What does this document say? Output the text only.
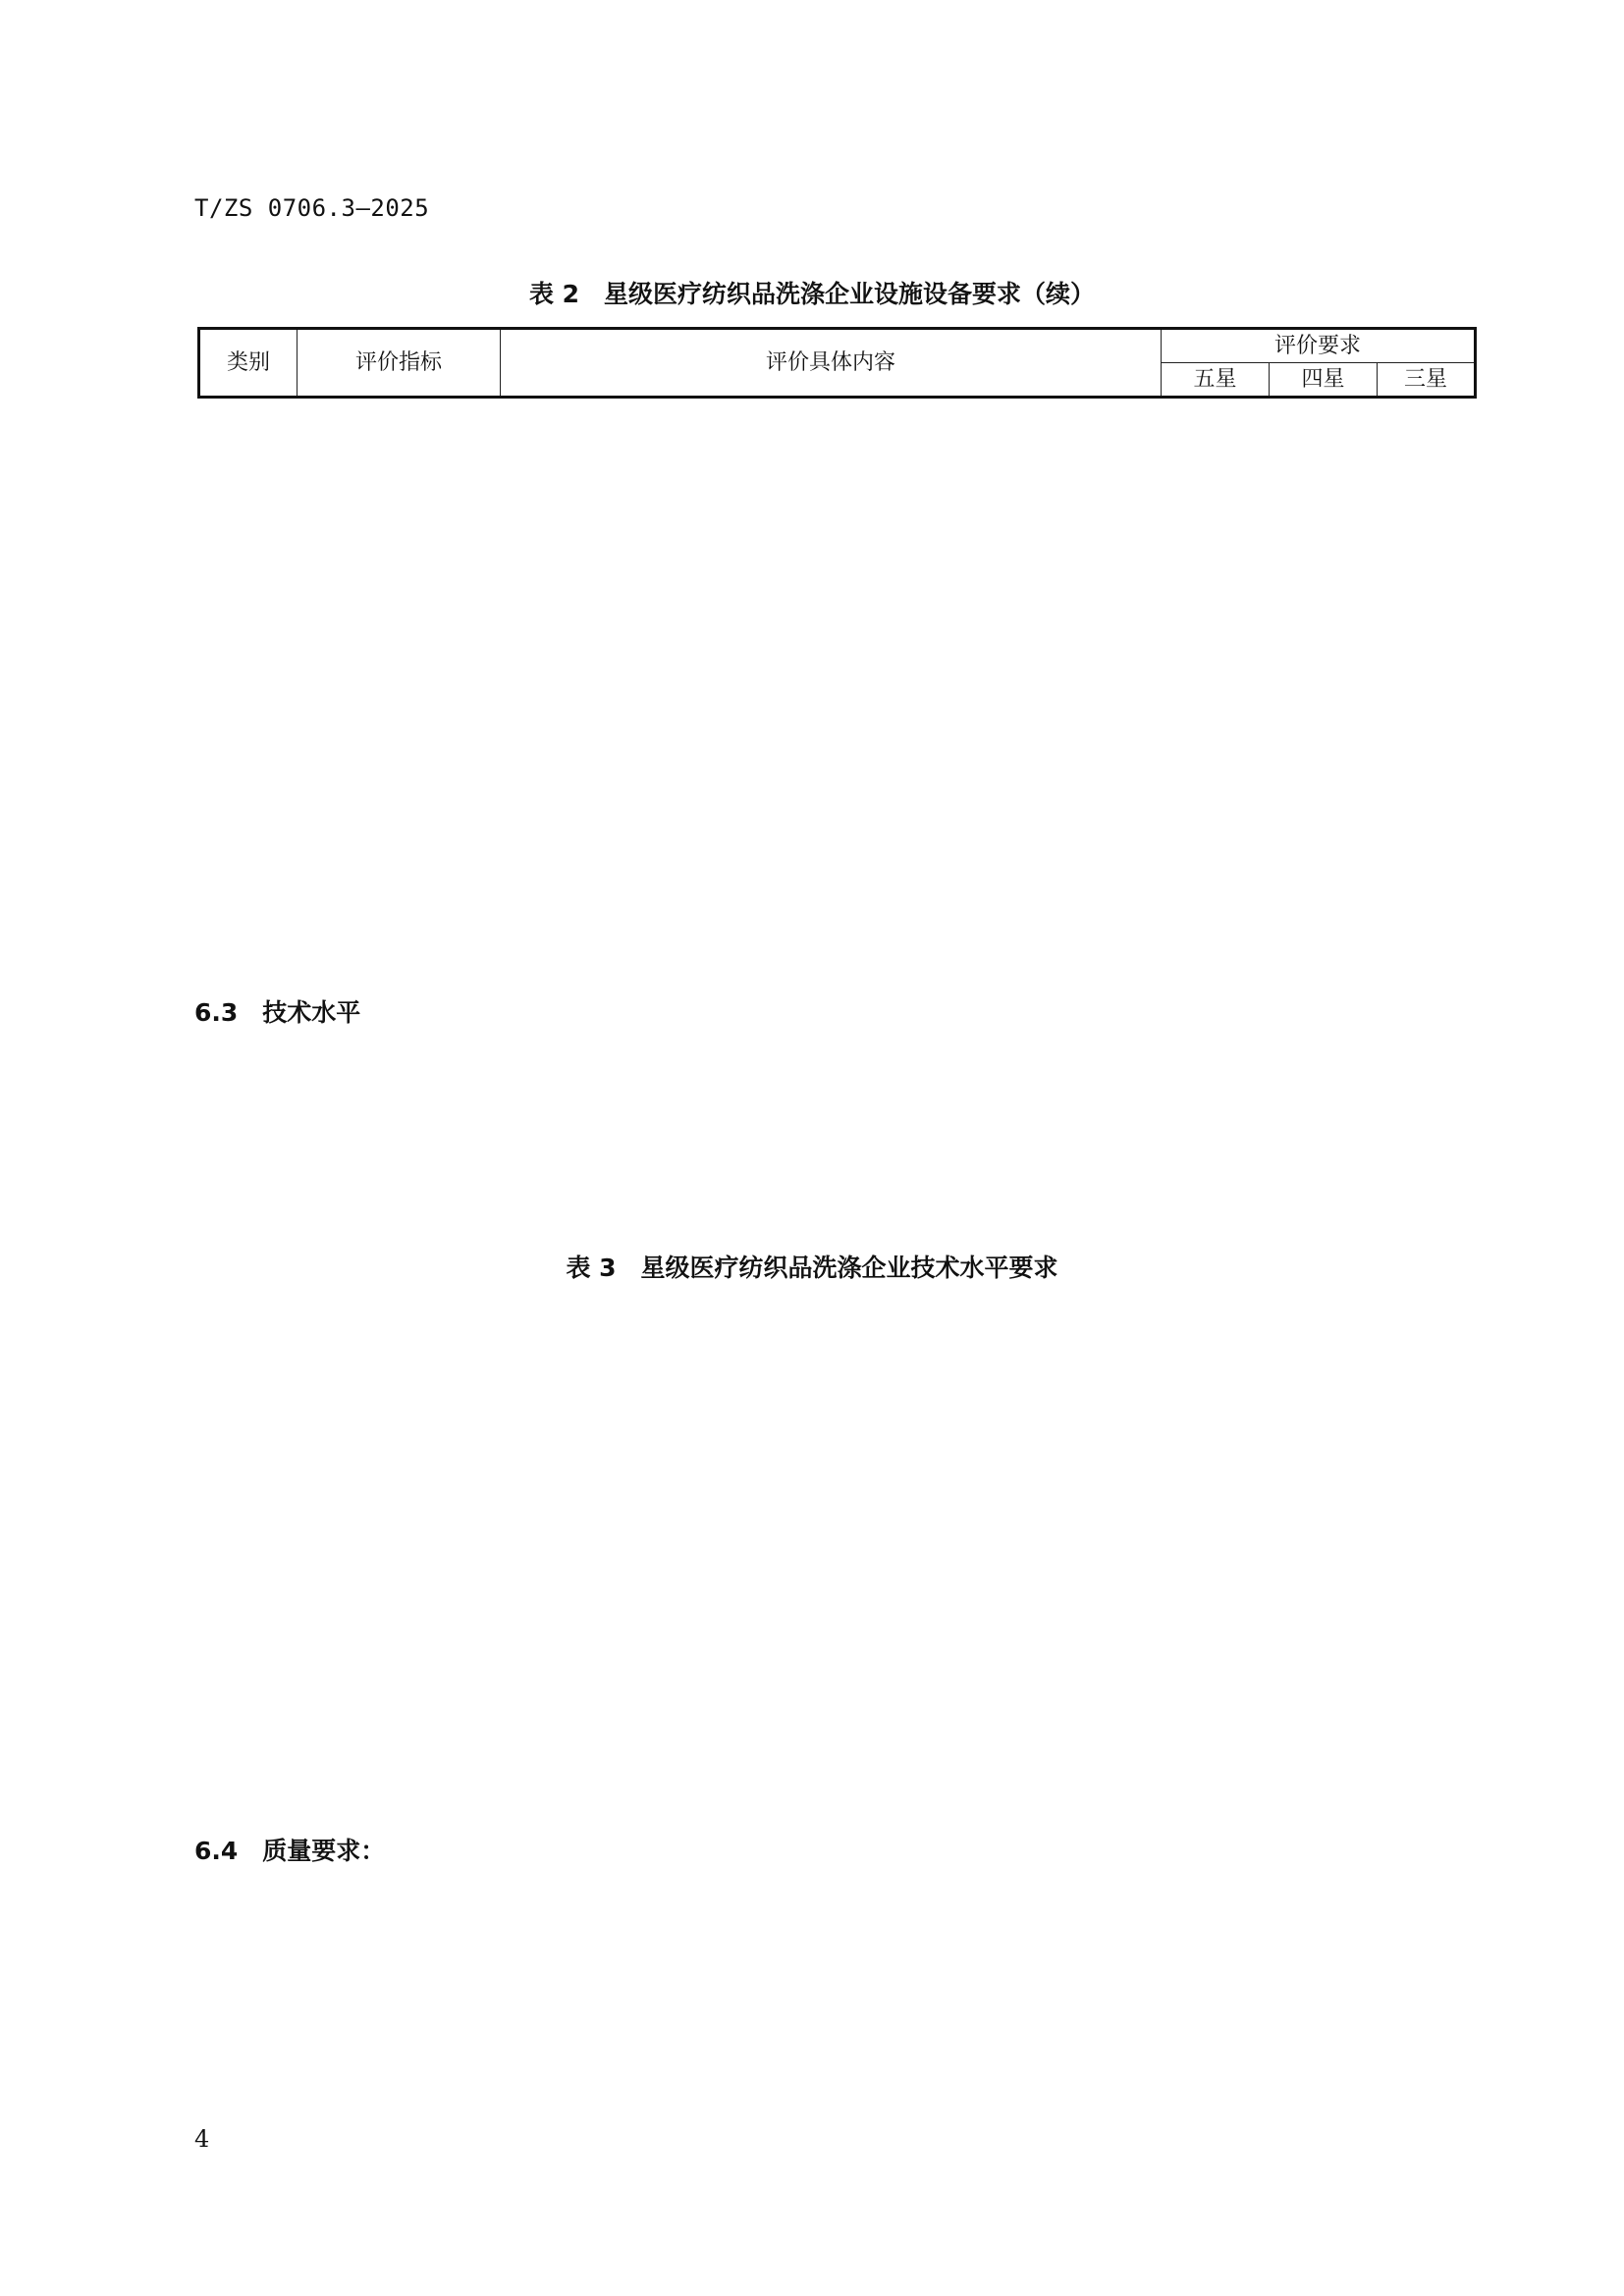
T/ZS 0706.3—2025
表 2　星级医疗纺织品洗涤企业设施设备要求（续）
类别	评价指标	评价具体内容	评价要求		
			五星	四星	三星
6.3　技术水平
表 3　星级医疗纺织品洗涤企业技术水平要求
6.4　质量要求：
4
